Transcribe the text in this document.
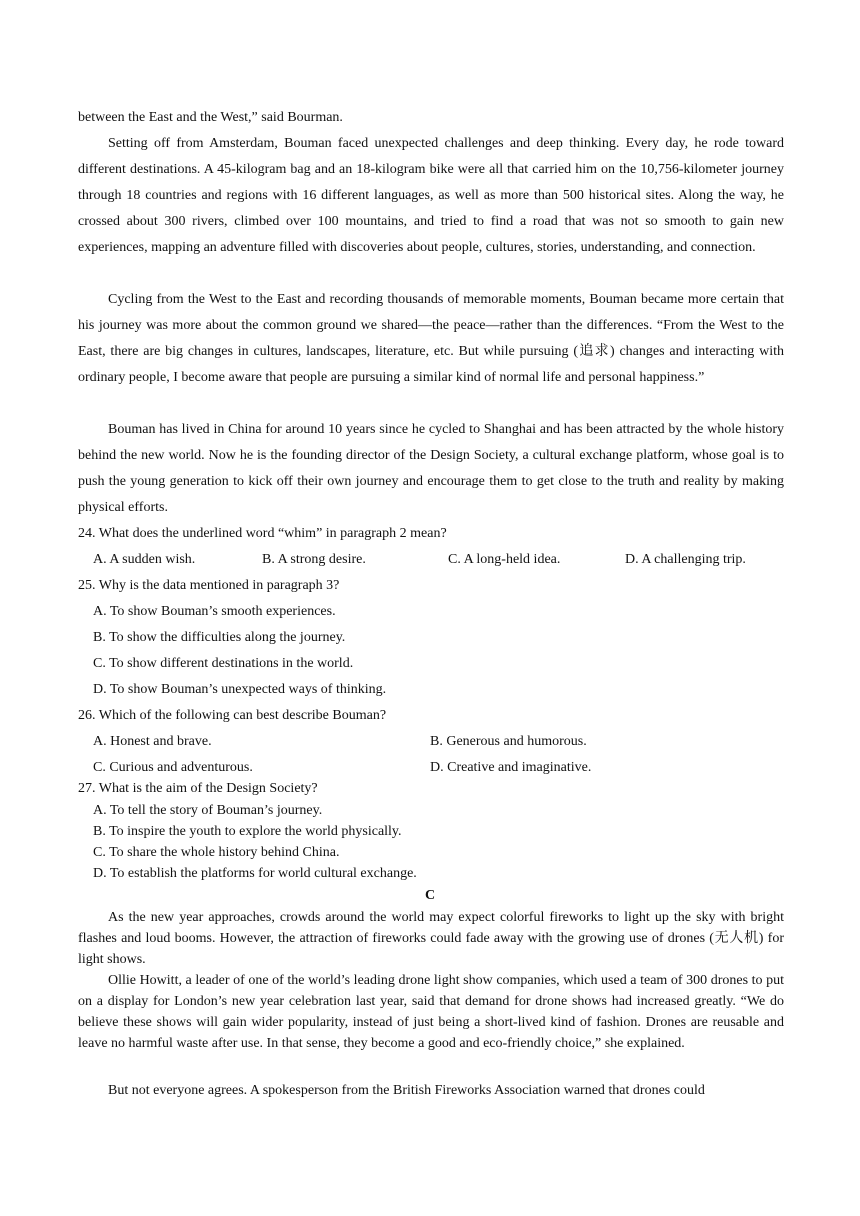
between the East and the West,” said Bourman.

Setting off from Amsterdam, Bouman faced unexpected challenges and deep thinking. Every day, he rode toward different destinations. A 45-kilogram bag and an 18-kilogram bike were all that carried him on the 10,756-kilometer journey through 18 countries and regions with 16 different languages, as well as more than 500 historical sites. Along the way, he crossed about 300 rivers, climbed over 100 mountains, and tried to find a road that was not so smooth to gain new experiences, mapping an adventure filled with discoveries about people, cultures, stories, understanding, and connection.

Cycling from the West to the East and recording thousands of memorable moments, Bouman became more certain that his journey was more about the common ground we shared—the peace—rather than the differences. “From the West to the East, there are big changes in cultures, landscapes, literature, etc. But while pursuing (追求) changes and interacting with ordinary people, I become aware that people are pursuing a similar kind of normal life and personal happiness.”

Bouman has lived in China for around 10 years since he cycled to Shanghai and has been attracted by the whole history behind the new world. Now he is the founding director of the Design Society, a cultural exchange platform, whose goal is to push the young generation to kick off their own journey and encourage them to get close to the truth and reality by making physical efforts.

24. What does the underlined word “whim” in paragraph 2 mean?

A. A sudden wish.	B. A strong desire.	C. A long-held idea.	D. A challenging trip.

25. Why is the data mentioned in paragraph 3?

A. To show Bouman’s smooth experiences.

B. To show the difficulties along the journey.

C. To show different destinations in the world.

D. To show Bouman’s unexpected ways of thinking.

26. Which of the following can best describe Bouman?

A. Honest and brave.	B. Generous and humorous.

C. Curious and adventurous.	D. Creative and imaginative.

27. What is the aim of the Design Society?

A. To tell the story of Bouman’s journey.

B. To inspire the youth to explore the world physically.

C. To share the whole history behind China.

D. To establish the platforms for world cultural exchange.

C

As the new year approaches, crowds around the world may expect colorful fireworks to light up the sky with bright flashes and loud booms. However, the attraction of fireworks could fade away with the growing use of drones (无人机) for light shows.

Ollie Howitt, a leader of one of the world’s leading drone light show companies, which used a team of 300 drones to put on a display for London’s new year celebration last year, said that demand for drone shows had increased greatly. “We do believe these shows will gain wider popularity, instead of just being a short-lived kind of fashion. Drones are reusable and leave no harmful waste after use. In that sense, they become a good and eco-friendly choice,” she explained.

But not everyone agrees. A spokesperson from the British Fireworks Association warned that drones could
